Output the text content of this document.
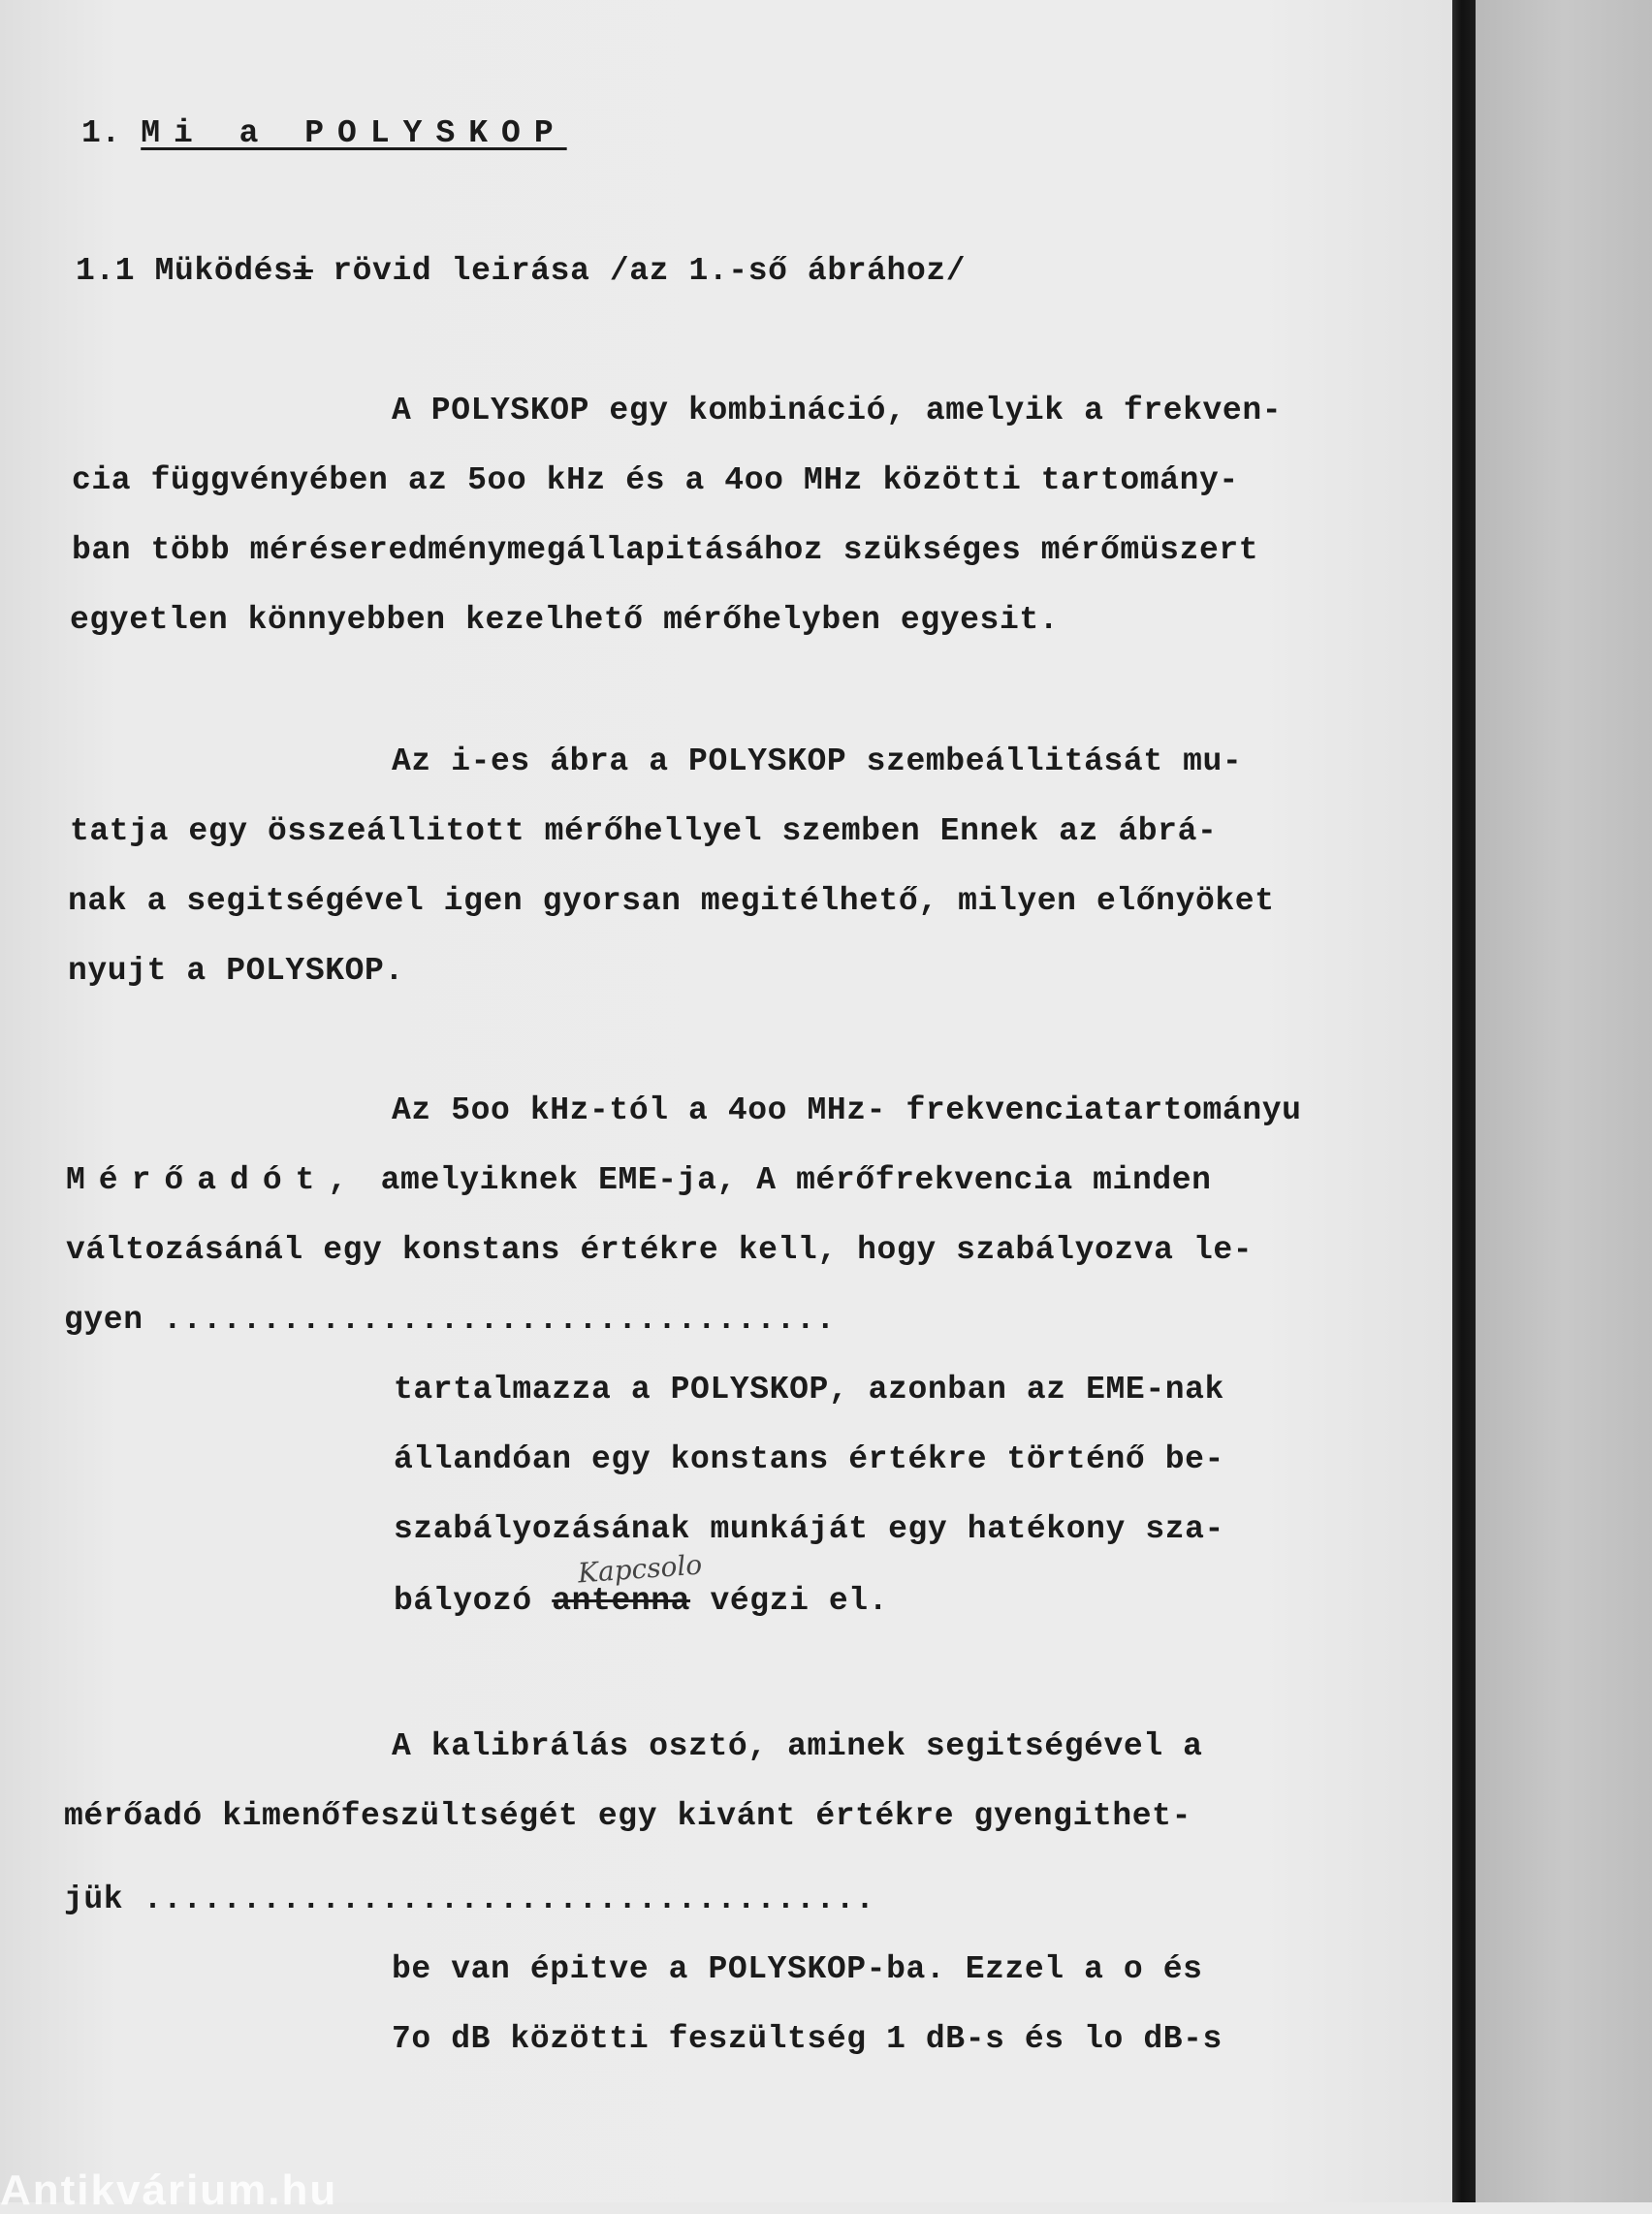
1. Mi a POLYSKOP
1.1 Müködési rövid leirása /az 1.-ső ábrához/
A POLYSKOP egy kombináció, amelyik a frekven-
cia függvényében az 5oo kHz és a 4oo MHz közötti tartomány-
ban több méréseredménymegállapitásához szükséges mérőmüszert
egyetlen könnyebben kezelhető mérőhelyben egyesit.
Az i-es ábra a POLYSKOP szembeállitását mu-
tatja egy összeállitott mérőhellyel szemben Ennek az ábrá-
nak a segitségével igen gyorsan megitélhető, milyen előnyöket
nyujt a POLYSKOP.
Az 5oo kHz-tól a 4oo MHz- frekvenciatartományu
Mérőadót, amelyiknek EME-ja, A mérőfrekvencia minden
változásánál egy konstans értékre kell, hogy szabályozva le-
gyen ..................................
tartalmazza a POLYSKOP, azonban az EME-nak
állandóan egy konstans értékre történő be-
szabályozásának munkáját egy hatékony sza-
Kapcsolo
bályozó antenna végzi el.
A kalibrálás osztó, aminek segitségével a
mérőadó kimenőfeszültségét egy kivánt értékre gyengithet-
jük .....................................
be van épitve a POLYSKOP-ba. Ezzel a o és
7o dB közötti feszültség 1 dB-s és lo dB-s
Antikvárium.hu
